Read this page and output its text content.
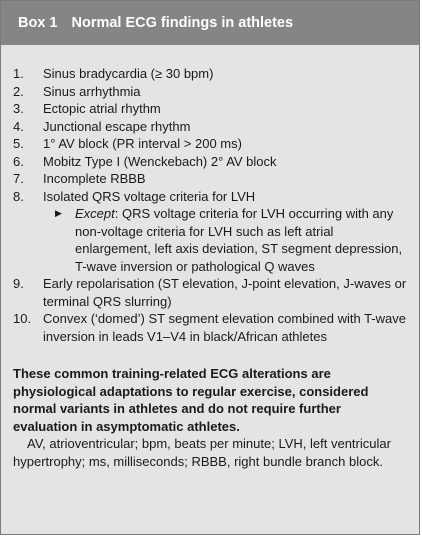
Box 1 Normal ECG findings in athletes
1.	Sinus bradycardia (≥ 30 bpm)
2.	Sinus arrhythmia
3.	Ectopic atrial rhythm
4.	Junctional escape rhythm
5.	1° AV block (PR interval > 200 ms)
6.	Mobitz Type I (Wenckebach) 2° AV block
7.	Incomplete RBBB
8.	Isolated QRS voltage criteria for LVH
▶	Except: QRS voltage criteria for LVH occurring with any non-voltage criteria for LVH such as left atrial enlargement, left axis deviation, ST segment depression, T-wave inversion or pathological Q waves
9.	Early repolarisation (ST elevation, J-point elevation, J-waves or terminal QRS slurring)
10. Convex (‘domed’) ST segment elevation combined with T-wave inversion in leads V1–V4 in black/African athletes

These common training-related ECG alterations are physiological adaptations to regular exercise, considered normal variants in athletes and do not require further evaluation in asymptomatic athletes.

AV, atrioventricular; bpm, beats per minute; LVH, left ventricular hypertrophy; ms, milliseconds; RBBB, right bundle branch block.
